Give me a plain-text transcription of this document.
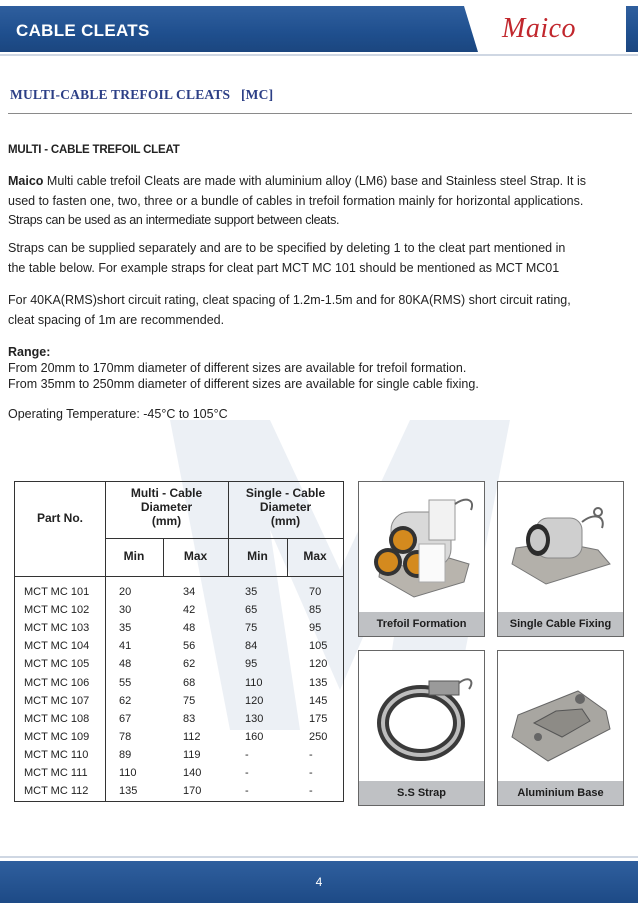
CABLE CLEATS	Maico
MULTI-CABLE TREFOIL CLEATS   [MC]
MULTI - CABLE TREFOIL CLEAT
Maico Multi cable trefoil Cleats are made with aluminium alloy (LM6) base and Stainless steel Strap. It is
used to fasten one, two, three or a bundle of cables in trefoil formation mainly for horizontal applications.
Straps can be used as an intermediate support between cleats.
Straps can be supplied separately and are to be specified by deleting 1 to the cleat part mentioned in
the table below. For example straps for cleat part MCT MC 101 should be mentioned as MCT MC01
For 40KA(RMS)short circuit rating, cleat spacing of 1.2m-1.5m and for 80KA(RMS) short circuit rating,
cleat spacing of 1m are recommended.
Range:
From 20mm to 170mm diameter of different sizes are available for trefoil formation.
From 35mm to 250mm diameter of different sizes are available for single cable fixing.
Operating Temperature: -45°C to 105°C
Part No.
Multi - Cable
Diameter
(mm)
Single - Cable
Diameter
(mm)
Min	Max	Min	Max
MCT MC 101	20	34	35	70
MCT MC 102	30	42	65	85
MCT MC 103	35	48	75	95
MCT MC 104	41	56	84	105
MCT MC 105	48	62	95	120
MCT MC 106	55	68	110	135
MCT MC 107	62	75	120	145
MCT MC 108	67	83	130	175
MCT MC 109	78	112	160	250
MCT MC 110	89	119	-	-
MCT MC 111	110	140	-	-
MCT MC 112	135	170	-	-
Trefoil Formation	Single Cable Fixing
S.S Strap	Aluminium Base
4
